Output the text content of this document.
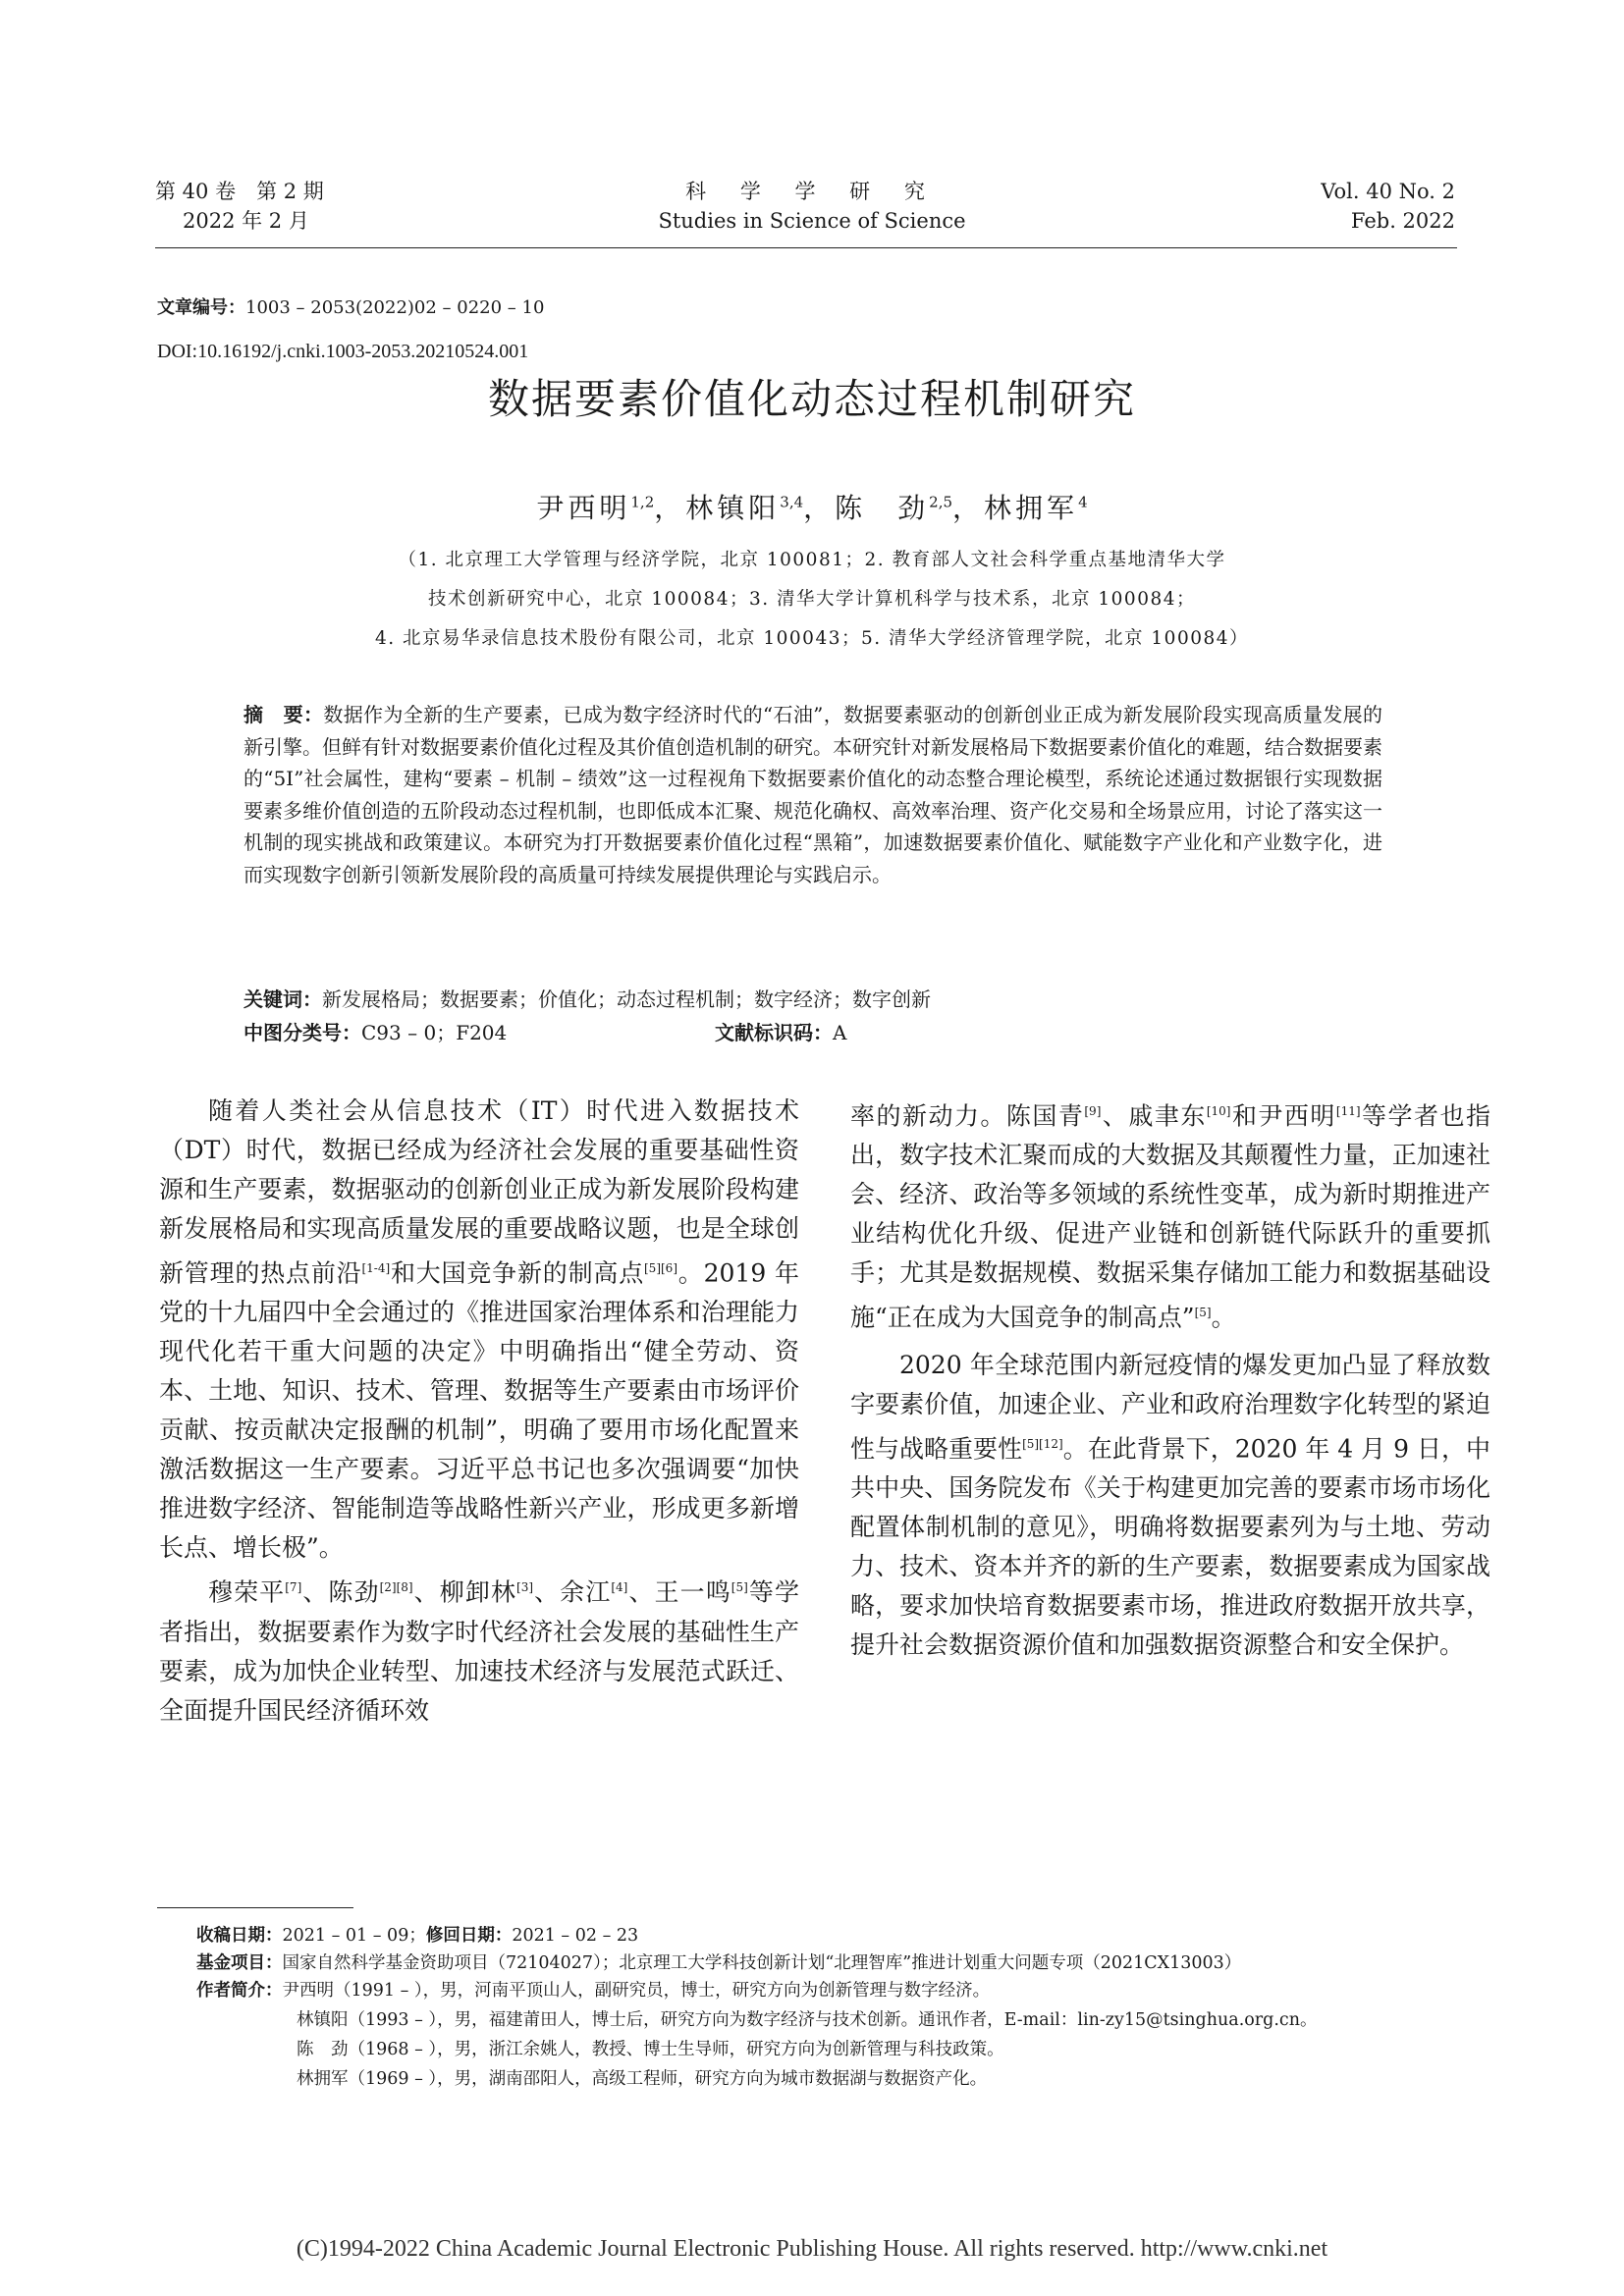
第 40 卷　第 2 期
2022 年 2 月
科 学 学 研 究
Studies in Science of Science
Vol. 40 No. 2
Feb. 2022
文章编号：1003 – 2053(2022)02 – 0220 – 10
DOI:10.16192/j.cnki.1003-2053.20210524.001
数据要素价值化动态过程机制研究
尹西明$^{1,2}$，林镇阳$^{3,4}$，陈　劲$^{2,5}$，林拥军$^4$
（1. 北京理工大学管理与经济学院，北京 100081；2. 教育部人文社会科学重点基地清华大学
技术创新研究中心，北京 100084；3. 清华大学计算机科学与技术系，北京 100084；
4. 北京易华录信息技术股份有限公司，北京 100043；5. 清华大学经济管理学院，北京 100084）
摘　要：数据作为全新的生产要素，已成为数字经济时代的“石油”，数据要素驱动的创新创业正成为新发展阶段实现高质量发展的新引擎。但鲜有针对数据要素价值化过程及其价值创造机制的研究。本研究针对新发展格局下数据要素价值化的难题，结合数据要素的“5I”社会属性，建构“要素 – 机制 – 绩效”这一过程视角下数据要素价值化的动态整合理论模型，系统论述通过数据银行实现数据要素多维价值创造的五阶段动态过程机制，也即低成本汇聚、规范化确权、高效率治理、资产化交易和全场景应用，讨论了落实这一机制的现实挑战和政策建议。本研究为打开数据要素价值化过程“黑箱”，加速数据要素价值化、赋能数字产业化和产业数字化，进而实现数字创新引领新发展阶段的高质量可持续发展提供理论与实践启示。
关键词：新发展格局；数据要素；价值化；动态过程机制；数字经济；数字创新
中图分类号：C93 – 0；F204	文献标识码：A

随着人类社会从信息技术（IT）时代进入数据技术（DT）时代，数据已经成为经济社会发展的重要基础性资源和生产要素，数据驱动的创新创业正成为新发展阶段构建新发展格局和实现高质量发展的重要战略议题，也是全球创新管理的热点前沿[1-4]和大国竞争新的制高点[5][6]。2019 年党的十九届四中全会通过的《推进国家治理体系和治理能力现代化若干重大问题的决定》中明确指出“健全劳动、资本、土地、知识、技术、管理、数据等生产要素由市场评价贡献、按贡献决定报酬的机制”，明确了要用市场化配置来激活数据这一生产要素。习近平总书记也多次强调要“加快推进数字经济、智能制造等战略性新兴产业，形成更多新增长点、增长极”。

穆荣平[7]、陈劲[2][8]、柳卸林[3]、余江[4]、王一鸣[5]等学者指出，数据要素作为数字时代经济社会发展的基础性生产要素，成为加快企业转型、加速技术经济与发展范式跃迁、全面提升国民经济循环效

率的新动力。陈国青[9]、戚聿东[10]和尹西明[11]等学者也指出，数字技术汇聚而成的大数据及其颠覆性力量，正加速社会、经济、政治等多领域的系统性变革，成为新时期推进产业结构优化升级、促进产业链和创新链代际跃升的重要抓手；尤其是数据规模、数据采集存储加工能力和数据基础设施“正在成为大国竞争的制高点”[5]。

2020 年全球范围内新冠疫情的爆发更加凸显了释放数字要素价值，加速企业、产业和政府治理数字化转型的紧迫性与战略重要性[5][12]。在此背景下，2020 年 4 月 9 日，中共中央、国务院发布《关于构建更加完善的要素市场市场化配置体制机制的意见》，明确将数据要素列为与土地、劳动力、技术、资本并齐的新的生产要素，数据要素成为国家战略，要求加快培育数据要素市场，推进政府数据开放共享，提升社会数据资源价值和加强数据资源整合和安全保护。

收稿日期：2021 – 01 – 09；修回日期：2021 – 02 – 23
基金项目：国家自然科学基金资助项目（72104027）；北京理工大学科技创新计划“北理智库”推进计划重大问题专项（2021CX13003）
作者简介：尹西明（1991 – ），男，河南平顶山人，副研究员，博士，研究方向为创新管理与数字经济。
林镇阳（1993 – ），男，福建莆田人，博士后，研究方向为数字经济与技术创新。通讯作者，E-mail：lin-zy15@tsinghua.org.cn。
陈　劲（1968 – ），男，浙江余姚人，教授、博士生导师，研究方向为创新管理与科技政策。
林拥军（1969 – ），男，湖南邵阳人，高级工程师，研究方向为城市数据湖与数据资产化。
(C)1994-2022 China Academic Journal Electronic Publishing House. All rights reserved. http://www.cnki.net
